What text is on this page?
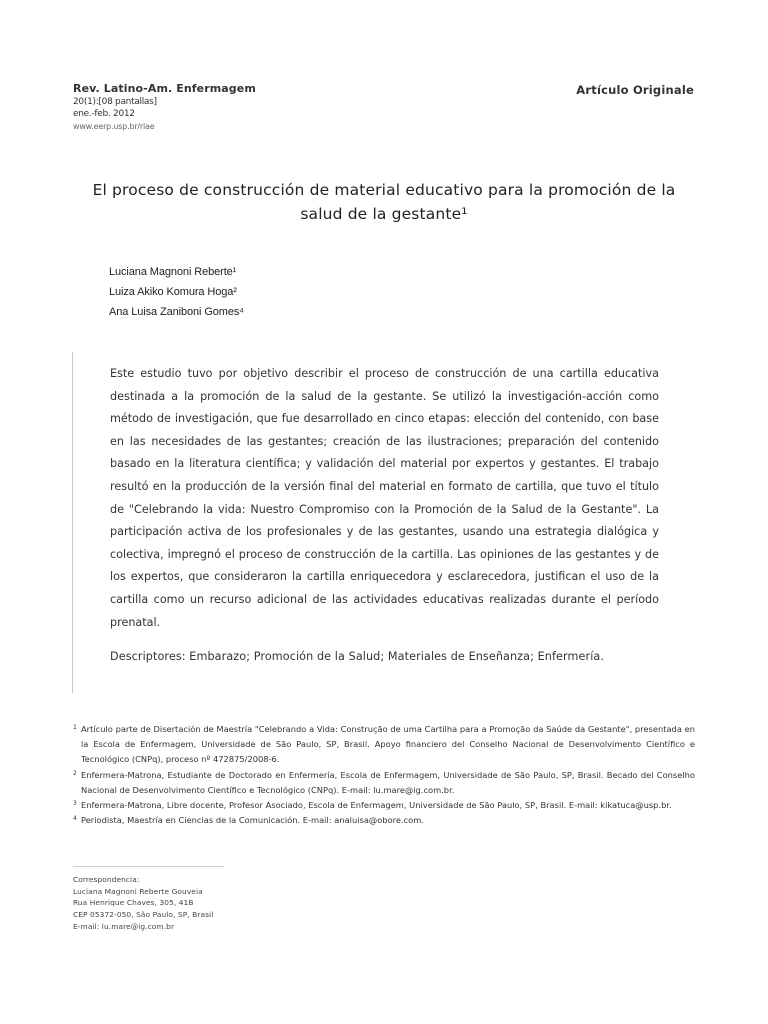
Rev. Latino-Am. Enfermagem
20(1):[08 pantallas]
ene.-feb. 2012
www.eerp.usp.br/rlae
Artículo Originale
El proceso de construcción de material educativo para la promoción de la salud de la gestante¹
Luciana Magnoni Reberte¹
Luiza Akiko Komura Hoga²
Ana Luisa Zaniboni Gomes⁴

Este estudio tuvo por objetivo describir el proceso de construcción de una cartilla educativa destinada a la promoción de la salud de la gestante. Se utilizó la investigación-acción como método de investigación, que fue desarrollado en cinco etapas: elección del contenido, con base en las necesidades de las gestantes; creación de las ilustraciones; preparación del contenido basado en la literatura científica; y validación del material por expertos y gestantes. El trabajo resultó en la producción de la versión final del material en formato de cartilla, que tuvo el título de "Celebrando la vida: Nuestro Compromiso con la Promoción de la Salud de la Gestante". La participación activa de los profesionales y de las gestantes, usando una estrategia dialógica y colectiva, impregnó el proceso de construcción de la cartilla. Las opiniones de las gestantes y de los expertos, que consideraron la cartilla enriquecedora y esclarecedora, justifican el uso de la cartilla como un recurso adicional de las actividades educativas realizadas durante el período prenatal.

Descriptores: Embarazo; Promoción de la Salud; Materiales de Enseñanza; Enfermería.

1 Artículo parte de Disertación de Maestría "Celebrando a Vida: Construção de uma Cartilha para a Promoção da Saúde da Gestante", presentada en la Escola de Enfermagem, Universidade de São Paulo, SP, Brasil. Apoyo financiero del Conselho Nacional de Desenvolvimento Científico e Tecnológico (CNPq), proceso nº 472875/2008-6.

2 Enfermera-Matrona, Estudiante de Doctorado en Enfermería, Escola de Enfermagem, Universidade de São Paulo, SP, Brasil. Becado del Conselho Nacional de Desenvolvimento Científico e Tecnológico (CNPq). E-mail: lu.mare@ig.com.br.

3 Enfermera-Matrona, Libre docente, Profesor Asociado, Escola de Enfermagem, Universidade de São Paulo, SP, Brasil. E-mail: kikatuca@usp.br.

4 Periodista, Maestría en Ciencias de la Comunicación. E-mail: analuisa@obore.com.

Correspondencia:
Luciana Magnoni Reberte Gouveia
Rua Henrique Chaves, 305, 41B
CEP 05372-050, São Paulo, SP, Brasil
E-mail: lu.mare@ig.com.br
